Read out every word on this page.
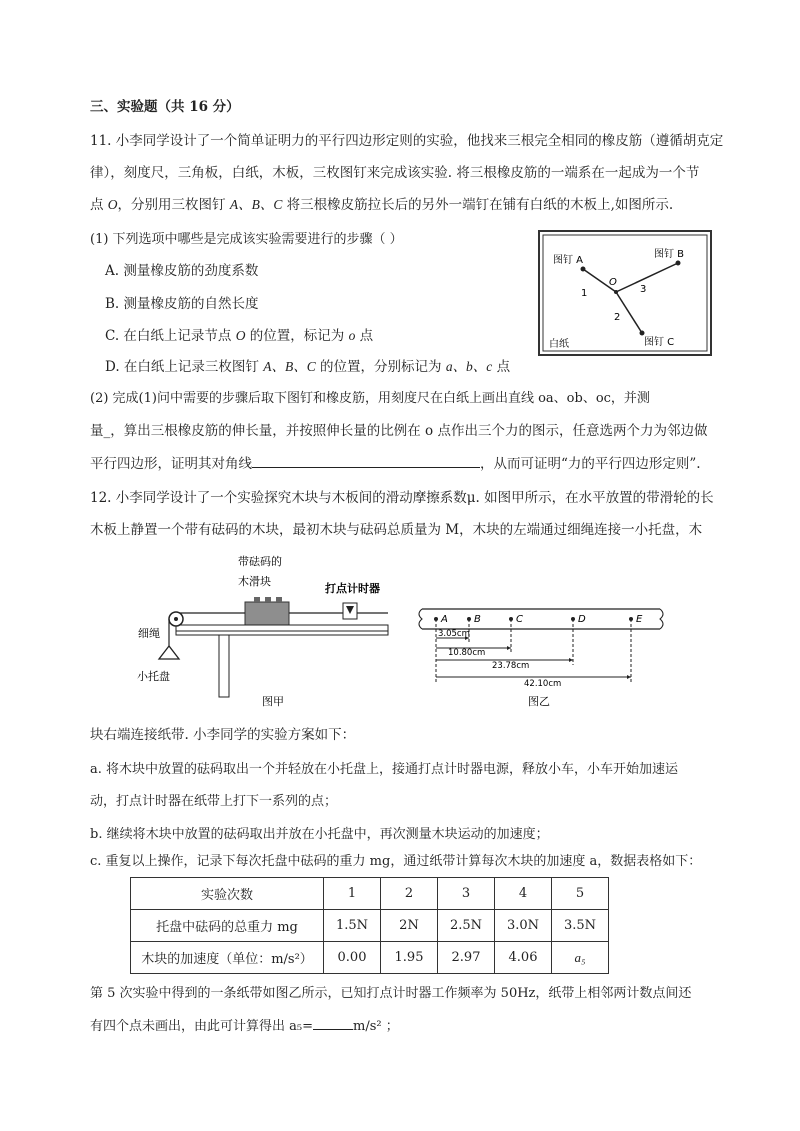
三、实验题（共 16 分）
11. 小李同学设计了一个简单证明力的平行四边形定则的实验，他找来三根完全相同的橡皮筋（遵循胡克定
律），刻度尺，三角板，白纸，木板，三枚图钉来完成该实验. 将三根橡皮筋的一端系在一起成为一个节
点 O，分别用三枚图钉 A、B、C 将三根橡皮筋拉长后的另外一端钉在铺有白纸的木板上,如图所示.
(1) 下列选项中哪些是完成该实验需要进行的步骤（ ）
A. 测量橡皮筋的劲度系数
B. 测量橡皮筋的自然长度
C. 在白纸上记录节点 O 的位置，标记为 o 点
D. 在白纸上记录三枚图钉 A、B、C 的位置，分别标记为 a、b、c 点
图钉 A
图钉 B
图钉 C
O
1	3
2
白纸
(2) 完成(1)问中需要的步骤后取下图钉和橡皮筋，用刻度尺在白纸上画出直线 oa、ob、oc，并测
量_，算出三根橡皮筋的伸长量，并按照伸长量的比例在 o 点作出三个力的图示，任意选两个力为邻边做
平行四边形，证明其对角线	，从而可证明“力的平行四边形定则”.
12. 小李同学设计了一个实验探究木块与木板间的滑动摩擦系数μ. 如图甲所示，在水平放置的带滑轮的长
木板上静置一个带有砝码的木块，最初木块与砝码总质量为 M，木块的左端通过细绳连接一小托盘，木
带砝码的
木滑块
打点计时器
细绳
小托盘
图甲
A	B	C	D	E
3.05cm
10.80cm
23.78cm
42.10cm
图乙
块右端连接纸带. 小李同学的实验方案如下：
a. 将木块中放置的砝码取出一个并轻放在小托盘上，接通打点计时器电源，释放小车，小车开始加速运
动，打点计时器在纸带上打下一系列的点；
b. 继续将木块中放置的砝码取出并放在小托盘中，再次测量木块运动的加速度；
c. 重复以上操作，记录下每次托盘中砝码的重力 mg，通过纸带计算每次木块的加速度 a，数据表格如下：
实验次数	1	2	3	4	5
托盘中砝码的总重力 mg	1.5N	2N	2.5N	3.0N	3.5N
木块的加速度（单位：m/s²）	0.00	1.95	2.97	4.06	a₅
第 5 次实验中得到的一条纸带如图乙所示，已知打点计时器工作频率为 50Hz，纸带上相邻两计数点间还
有四个点未画出，由此可计算得出 a₅=	m/s² ；
